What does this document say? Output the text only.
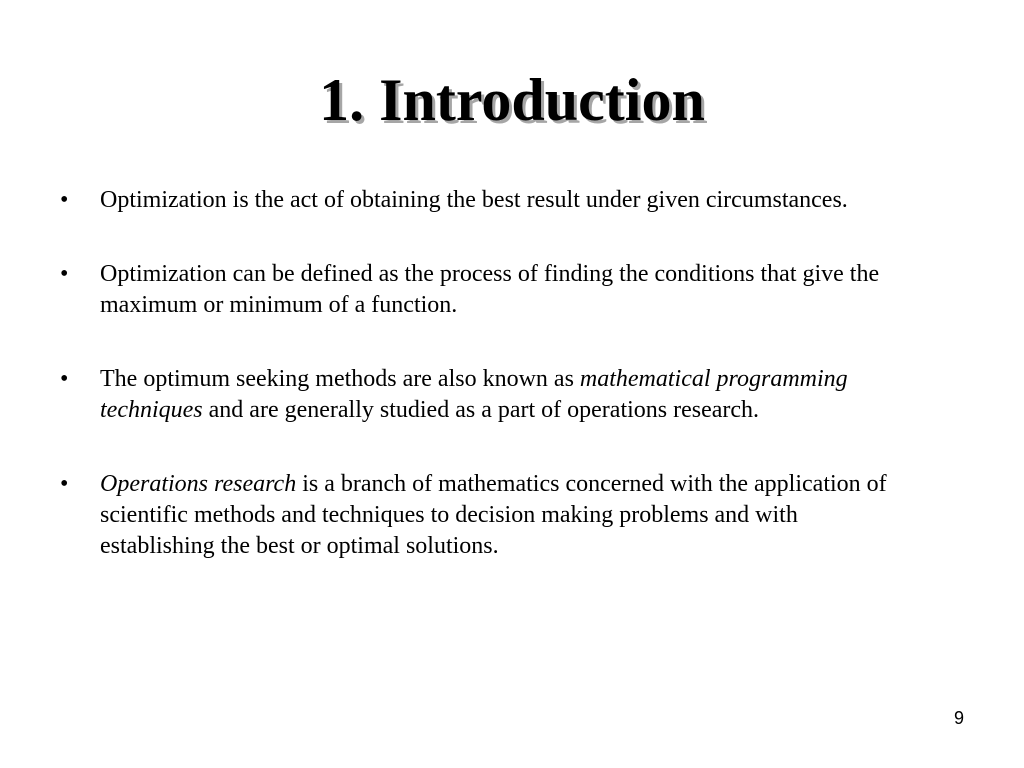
1. Introduction
•	Optimization is the act of obtaining the best result under given circumstances.
•	Optimization can be defined as the process of finding the conditions that give the maximum or minimum of a function.
•	The optimum seeking methods are also known as mathematical programming techniques and are generally studied as a part of operations research.
•	Operations research is a branch of mathematics concerned with the application of scientific methods and techniques to decision making problems and with establishing the best or optimal solutions.
9
